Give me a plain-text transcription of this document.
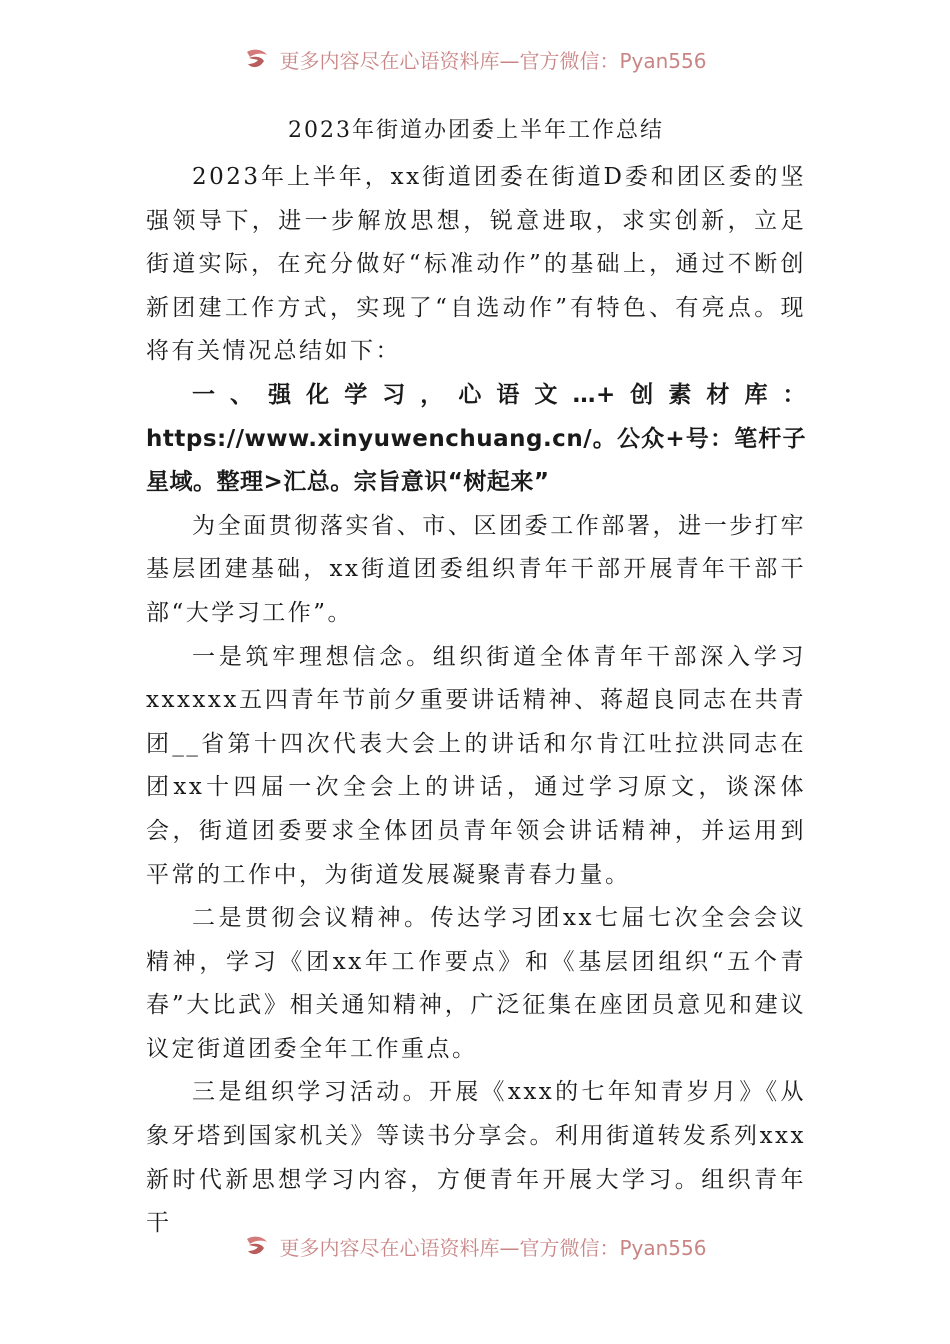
更多内容尽在心语资料库—官方微信：Pyan556
2023年街道办团委上半年工作总结

2023年上半年，xx街道团委在街道D委和团区委的坚强领导下，进一步解放思想，锐意进取，求实创新，立足街道实际，在充分做好“标准动作”的基础上，通过不断创新团建工作方式，实现了“自选动作”有特色、有亮点。现将有关情况总结如下：

一、强化学习，心语文…+创素材库：https://www.xinyuwenchuang.cn/。公众+号：笔杆子星域。整理>汇总。宗旨意识“树起来”

为全面贯彻落实省、市、区团委工作部署，进一步打牢基层团建基础，xx街道团委组织青年干部开展青年干部干部“大学习工作”。

一是筑牢理想信念。组织街道全体青年干部深入学习xxxxxx五四青年节前夕重要讲话精神、蒋超良同志在共青团__省第十四次代表大会上的讲话和尔肯江吐拉洪同志在团xx十四届一次全会上的讲话，通过学习原文，谈深体会，街道团委要求全体团员青年领会讲话精神，并运用到平常的工作中，为街道发展凝聚青春力量。

二是贯彻会议精神。传达学习团xx七届七次全会会议精神，学习《团xx年工作要点》和《基层团组织“五个青春”大比武》相关通知精神，广泛征集在座团员意见和建议议定街道团委全年工作重点。

三是组织学习活动。开展《xxx的七年知青岁月》《从象牙塔到国家机关》等读书分享会。利用街道转发系列xxx新时代新思想学习内容，方便青年开展大学习。组织青年干

更多内容尽在心语资料库—官方微信：Pyan556
